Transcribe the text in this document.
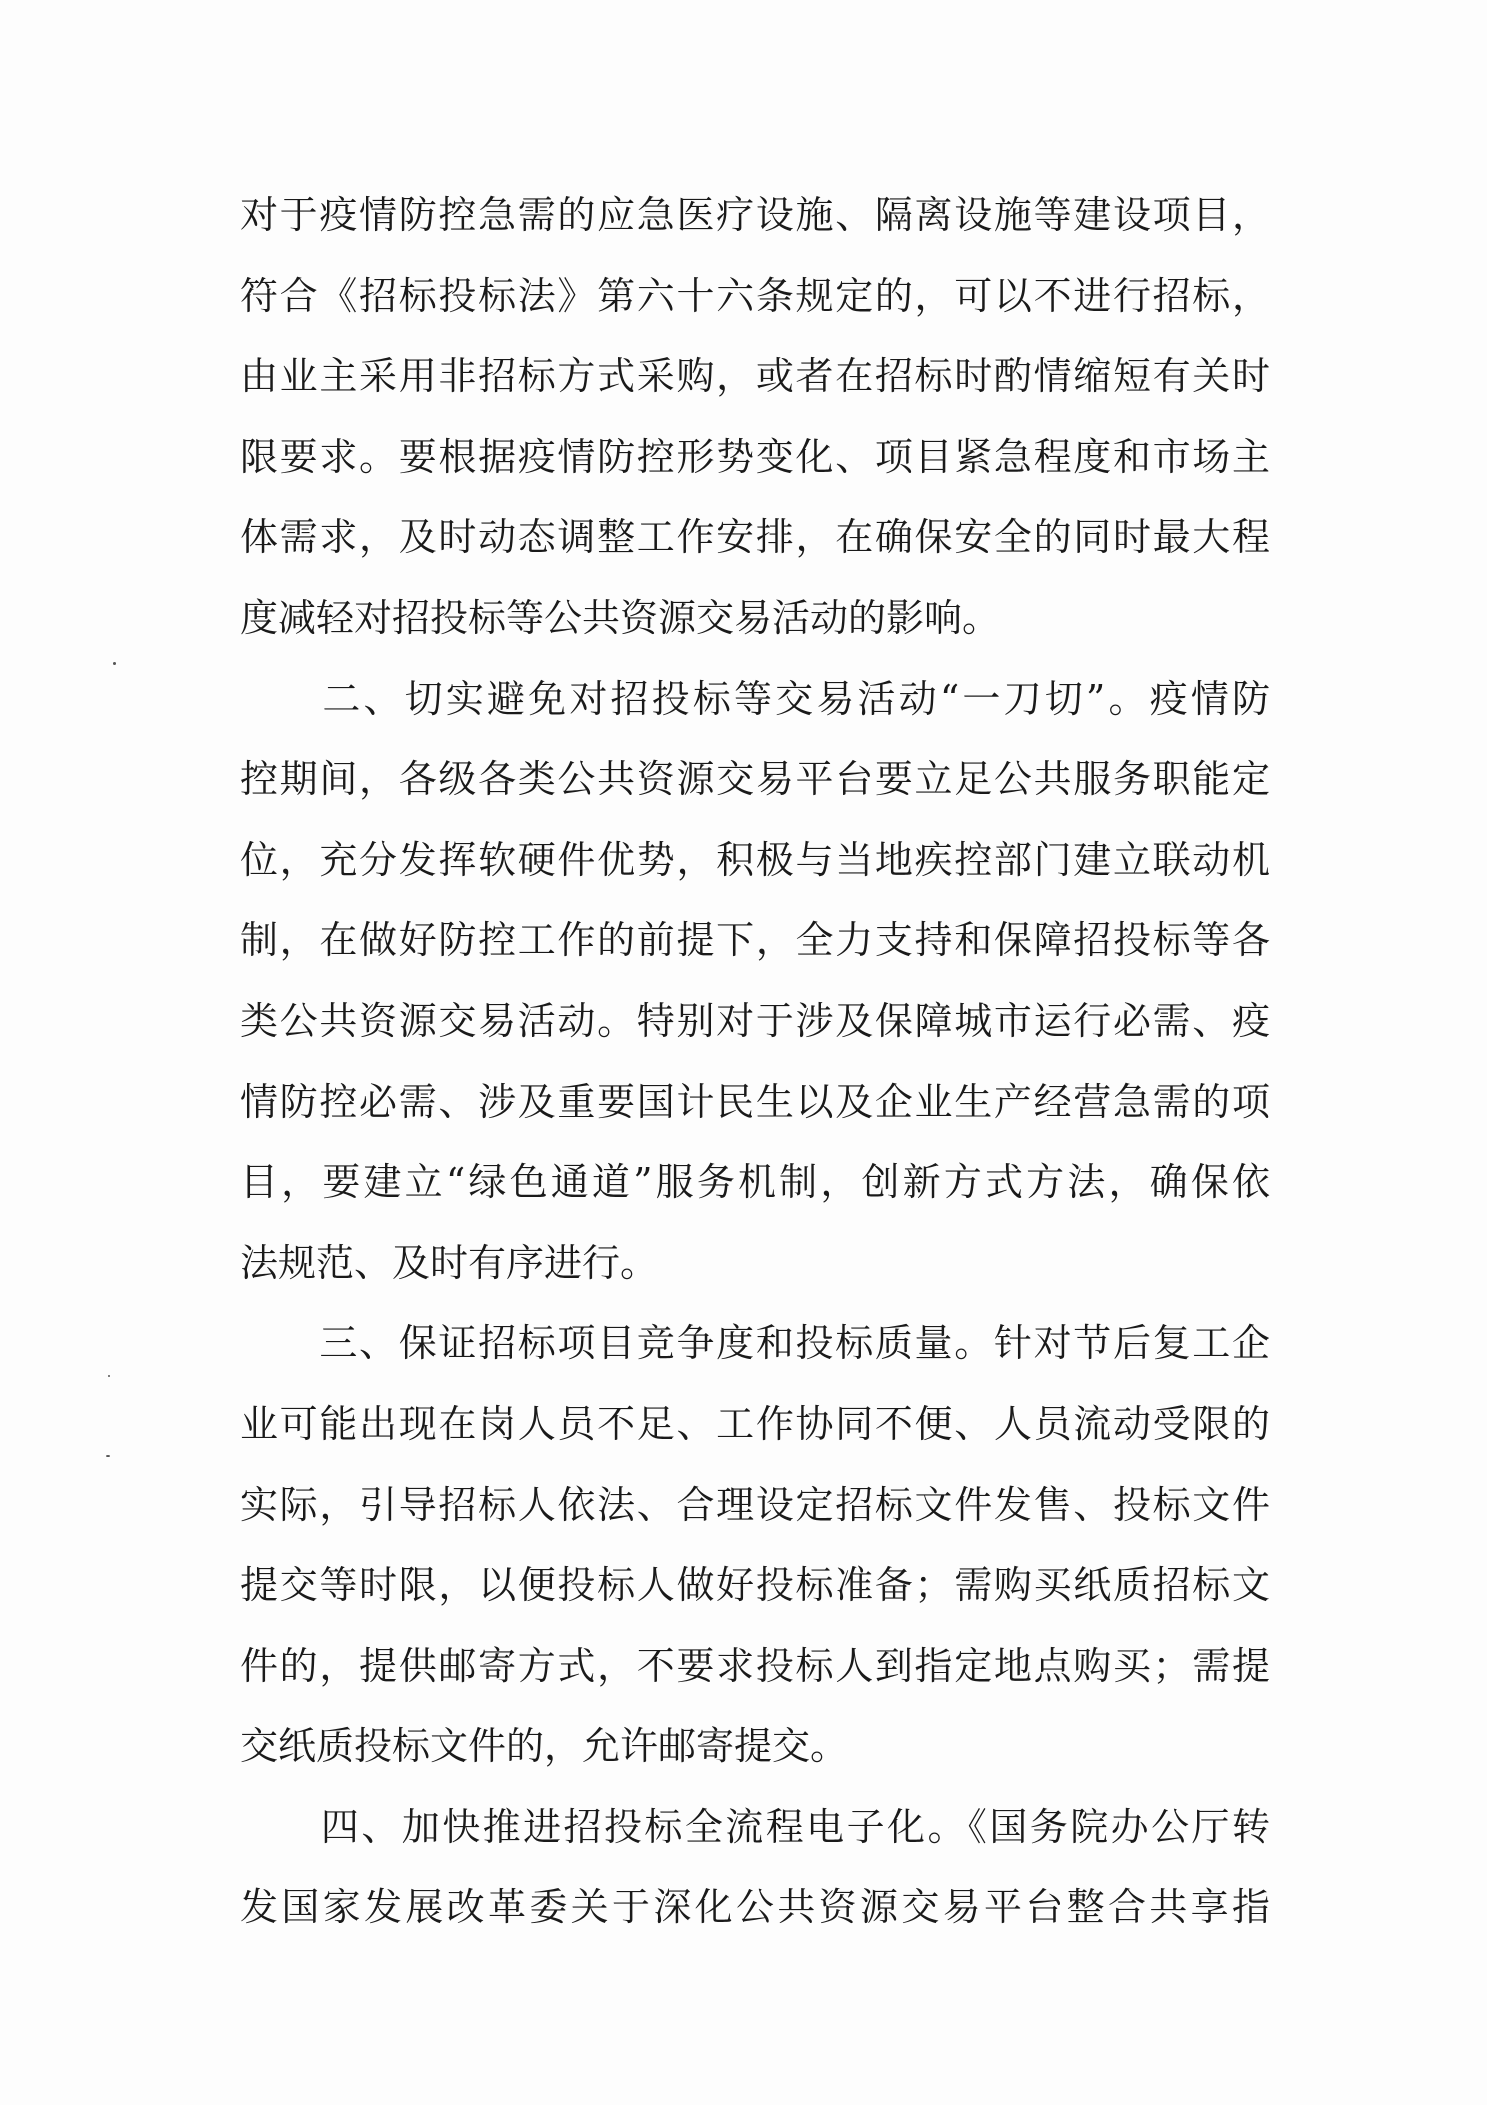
对于疫情防控急需的应急医疗设施、隔离设施等建设项目，
符合《招标投标法》第六十六条规定的，可以不进行招标，
由业主采用非招标方式采购，或者在招标时酌情缩短有关时
限要求。要根据疫情防控形势变化、项目紧急程度和市场主
体需求，及时动态调整工作安排，在确保安全的同时最大程
度减轻对招投标等公共资源交易活动的影响。
　　二、切实避免对招投标等交易活动“一刀切”。疫情防
控期间，各级各类公共资源交易平台要立足公共服务职能定
位，充分发挥软硬件优势，积极与当地疾控部门建立联动机
制，在做好防控工作的前提下，全力支持和保障招投标等各
类公共资源交易活动。特别对于涉及保障城市运行必需、疫
情防控必需、涉及重要国计民生以及企业生产经营急需的项
目，要建立“绿色通道”服务机制，创新方式方法，确保依
法规范、及时有序进行。
　　三、保证招标项目竞争度和投标质量。针对节后复工企
业可能出现在岗人员不足、工作协同不便、人员流动受限的
实际，引导招标人依法、合理设定招标文件发售、投标文件
提交等时限，以便投标人做好投标准备；需购买纸质招标文
件的，提供邮寄方式，不要求投标人到指定地点购买；需提
交纸质投标文件的，允许邮寄提交。
　　四、加快推进招投标全流程电子化。《国务院办公厅转
发国家发展改革委关于深化公共资源交易平台整合共享指
